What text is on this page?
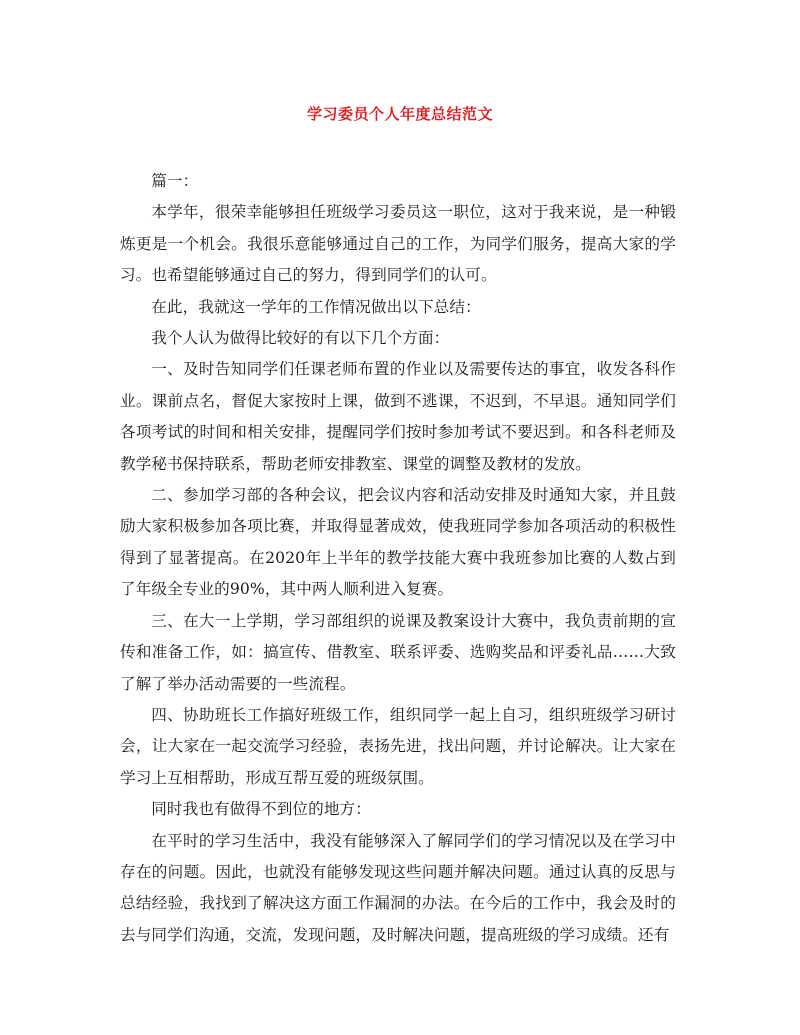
学习委员个人年度总结范文

篇一：

本学年，很荣幸能够担任班级学习委员这一职位，这对于我来说，是一种锻炼更是一个机会。我很乐意能够通过自己的工作，为同学们服务，提高大家的学习。也希望能够通过自己的努力，得到同学们的认可。

在此，我就这一学年的工作情况做出以下总结：

我个人认为做得比较好的有以下几个方面：

一、及时告知同学们任课老师布置的作业以及需要传达的事宜，收发各科作业。课前点名，督促大家按时上课，做到不逃课，不迟到，不早退。通知同学们各项考试的时间和相关安排，提醒同学们按时参加考试不要迟到。和各科老师及教学秘书保持联系，帮助老师安排教室、课堂的调整及教材的发放。

二、参加学习部的各种会议，把会议内容和活动安排及时通知大家，并且鼓励大家积极参加各项比赛，并取得显著成效，使我班同学参加各项活动的积极性得到了显著提高。在2020年上半年的教学技能大赛中我班参加比赛的人数占到了年级全专业的90%，其中两人顺利进入复赛。

三、在大一上学期，学习部组织的说课及教案设计大赛中，我负责前期的宣传和准备工作，如：搞宣传、借教室、联系评委、选购奖品和评委礼品……大致了解了举办活动需要的一些流程。

四、协助班长工作搞好班级工作，组织同学一起上自习，组织班级学习研讨会，让大家在一起交流学习经验，表扬先进，找出问题，并讨论解决。让大家在学习上互相帮助，形成互帮互爱的班级氛围。

同时我也有做得不到位的地方：

在平时的学习生活中，我没有能够深入了解同学们的学习情况以及在学习中存在的问题。因此，也就没有能够发现这些问题并解决问题。通过认真的反思与总结经验，我找到了解决这方面工作漏洞的办法。在今后的工作中，我会及时的去与同学们沟通，交流，发现问题，及时解决问题，提高班级的学习成绩。还有
